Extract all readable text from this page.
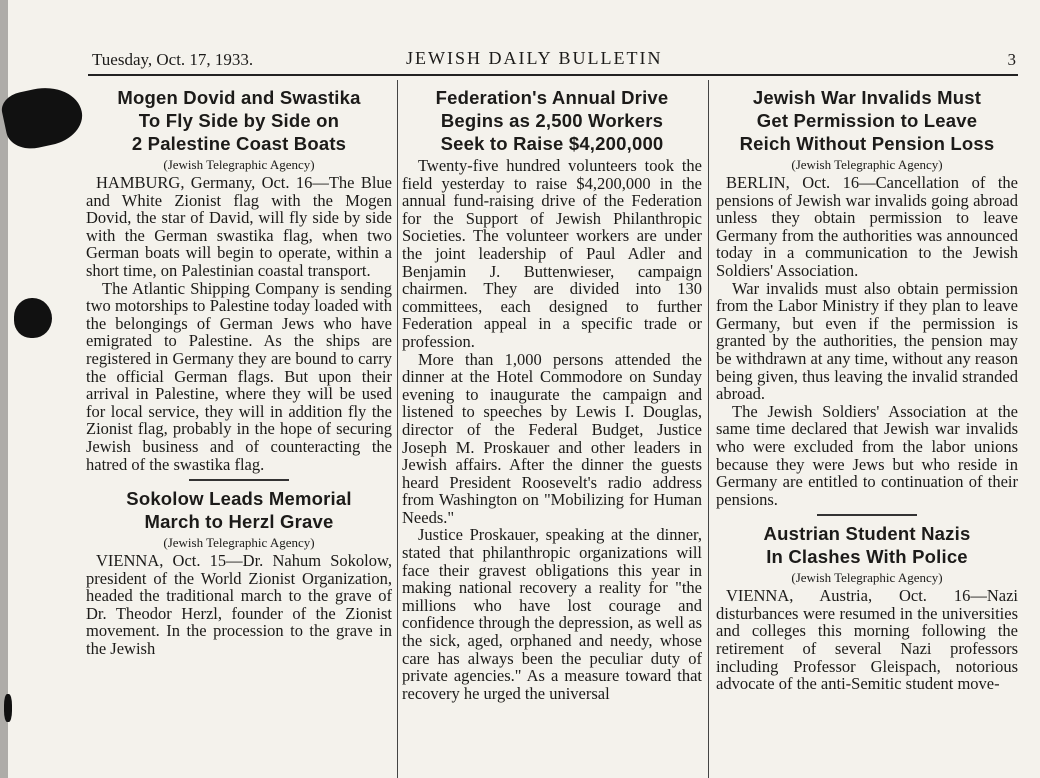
Tuesday, Oct. 17, 1933.	JEWISH DAILY BULLETIN	3
Mogen Dovid and Swastika
To Fly Side by Side on
2 Palestine Coast Boats
(Jewish Telegraphic Agency)

HAMBURG, Germany, Oct. 16—The Blue and White Zionist flag with the Mogen Dovid, the star of David, will fly side by side with the German swastika flag, when two German boats will begin to operate, within a short time, on Palestinian coastal transport.

The Atlantic Shipping Company is sending two motorships to Palestine today loaded with the belongings of German Jews who have emigrated to Palestine. As the ships are registered in Germany they are bound to carry the official German flags. But upon their arrival in Palestine, where they will be used for local service, they will in addition fly the Zionist flag, probably in the hope of securing Jewish business and of counteracting the hatred of the swastika flag.

Sokolow Leads Memorial
March to Herzl Grave
(Jewish Telegraphic Agency)

VIENNA, Oct. 15—Dr. Nahum Sokolow, president of the World Zionist Organization, headed the traditional march to the grave of Dr. Theodor Herzl, founder of the Zionist movement. In the procession to the grave in the Jewish

Federation's Annual Drive
Begins as 2,500 Workers
Seek to Raise $4,200,000

Twenty-five hundred volunteers took the field yesterday to raise $4,200,000 in the annual fund-raising drive of the Federation for the Support of Jewish Philanthropic Societies. The volunteer workers are under the joint leadership of Paul Adler and Benjamin J. Buttenwieser, campaign chairmen. They are divided into 130 committees, each designed to further Federation appeal in a specific trade or profession.

More than 1,000 persons attended the dinner at the Hotel Commodore on Sunday evening to inaugurate the campaign and listened to speeches by Lewis I. Douglas, director of the Federal Budget, Justice Joseph M. Proskauer and other leaders in Jewish affairs. After the dinner the guests heard President Roosevelt's radio address from Washington on "Mobilizing for Human Needs."

Justice Proskauer, speaking at the dinner, stated that philanthropic organizations will face their gravest obligations this year in making national recovery a reality for "the millions who have lost courage and confidence through the depression, as well as the sick, aged, orphaned and needy, whose care has always been the peculiar duty of private agencies." As a measure toward that recovery he urged the universal

Jewish War Invalids Must
Get Permission to Leave
Reich Without Pension Loss
(Jewish Telegraphic Agency)

BERLIN, Oct. 16—Cancellation of the pensions of Jewish war invalids going abroad unless they obtain permission to leave Germany from the authorities was announced today in a communication to the Jewish Soldiers' Association.

War invalids must also obtain permission from the Labor Ministry if they plan to leave Germany, but even if the permission is granted by the authorities, the pension may be withdrawn at any time, without any reason being given, thus leaving the invalid stranded abroad.

The Jewish Soldiers' Association at the same time declared that Jewish war invalids who were excluded from the labor unions because they were Jews but who reside in Germany are entitled to continuation of their pensions.

Austrian Student Nazis
In Clashes With Police
(Jewish Telegraphic Agency)

VIENNA, Austria, Oct. 16—Nazi disturbances were resumed in the universities and colleges this morning following the retirement of several Nazi professors including Professor Gleispach, notorious advocate of the anti-Semitic student move-
